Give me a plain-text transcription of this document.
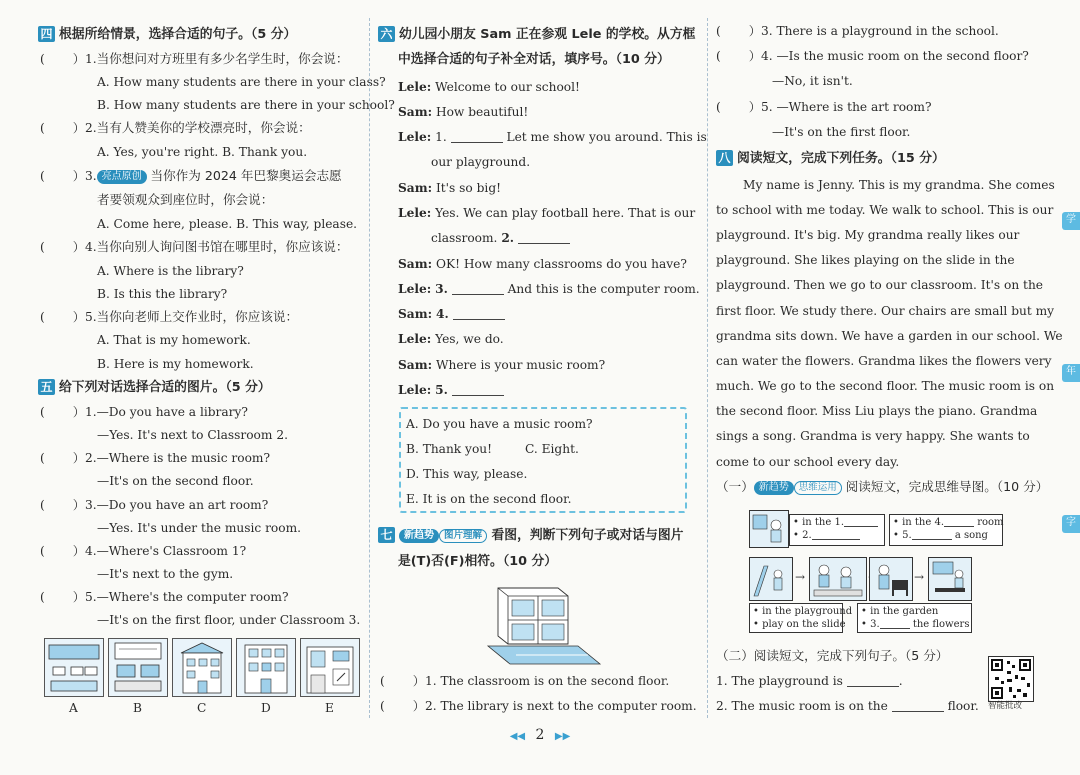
四 根据所给情景，选择合适的句子。（5 分）
( ）1.当你想问对方班里有多少名学生时，你会说：
A. How many students are there in your class?
B. How many students are there in your school?
( ）2.当有人赞美你的学校漂亮时，你会说：
A. Yes, you're right. B. Thank you.
( ）3. 亮点原创 当你作为 2024 年巴黎奥运会志愿
者要领观众到座位时，你会说：
A. Come here, please. B. This way, please.
( ）4.当你向别人询问图书馆在哪里时，你应该说：
A. Where is the library?
B. Is this the library?
( ）5.当你向老师上交作业时，你应该说：
A. That is my homework.
B. Here is my homework.
五 给下列对话选择合适的图片。（5 分）
( ）1.—Do you have a library?
—Yes. It's next to Classroom 2.
( ）2.—Where is the music room?
—It's on the second floor.
( ）3.—Do you have an art room?
—Yes. It's under the music room.
( ）4.—Where's Classroom 1?
—It's next to the gym.
( ）5.—Where's the computer room?
—It's on the first floor, under Classroom 3.
A	B	C	D	E
六 幼儿园小朋友 Sam 正在参观 Lele 的学校。从方框
中选择合适的句子补全对话，填序号。（10 分）
Lele: Welcome to our school!
Sam: How beautiful!
Lele: 1.	Let me show you around. This is
our playground.
Sam: It's so big!
Lele: Yes. We can play football here. That is our
classroom. 2.
Sam: OK! How many classrooms do you have?
Lele: 3.	And this is the computer room.
Sam: 4.
Lele: Yes, we do.
Sam: Where is your music room?
Lele: 5.
A. Do you have a music room?
B. Thank you!	C. Eight.
D. This way, please.
E. It is on the second floor.
七 新趋势 图片理解 看图，判断下列句子或对话与图片
是(T)否(F)相符。（10 分）
( ）1. The classroom is on the second floor.
( ）2. The library is next to the computer room.
( ）3. There is a playground in the school.
( ）4. —Is the music room on the second floor?
—No, it isn't.
( ）5. —Where is the art room?
—It's on the first floor.
八 阅读短文，完成下列任务。（15 分）
My name is Jenny. This is my grandma. She comes
to school with me today. We walk to school. This is our
playground. It's big. My grandma really likes our
playground. She likes playing on the slide in the
playground. Then we go to our classroom. It's on the
first floor. We study there. Our chairs are small but my
grandma sits down. We have a garden in our school. We
can water the flowers. Grandma likes the flowers very
much. We go to the second floor. The music room is on
the second floor. Miss Liu plays the piano. Grandma
sings a song. Grandma is very happy. She wants to
come to our school every day.
（一） 新趋势 思维运用 阅读短文，完成思维导图。（10 分）
• in the 1.
• 2.
• in the 4.	room
• 5.	a song
→	→
• in the playground
• play on the slide
• in the garden
• 3.	the flowers
（二）阅读短文，完成下列句子。（5 分）
1. The playground is	.
2. The music room is on the	floor. 智能批改
◀◀ 2 ▶▶
学
年
字
